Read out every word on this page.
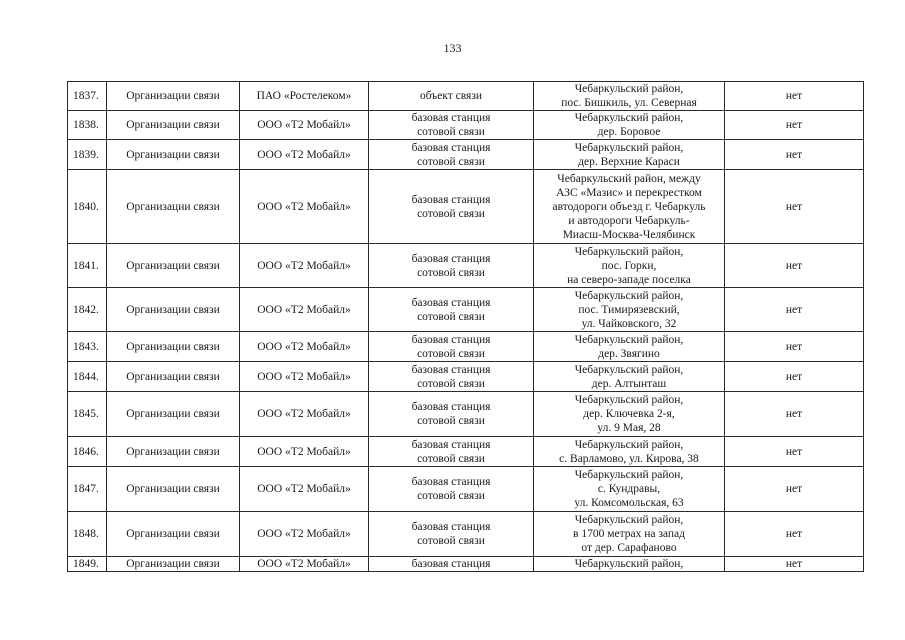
133
1837.	Организации связи	ПАО «Ростелеком»	объект связи	Чебаркульский район,
пос. Бишкиль, ул. Северная	нет
1838.	Организации связи	ООО «Т2 Мобайл»	базовая станция
сотовой связи	Чебаркульский район,
дер. Боровое	нет
1839.	Организации связи	ООО «Т2 Мобайл»	базовая станция
сотовой связи	Чебаркульский район,
дер. Верхние Караси	нет
1840.	Организации связи	ООО «Т2 Мобайл»	базовая станция
сотовой связи	Чебаркульский район, между
АЗС «Мазис» и перекрестком
автодороги объезд г. Чебаркуль
и автодороги Чебаркуль-
Миасш-Москва-Челябинск	нет
1841.	Организации связи	ООО «Т2 Мобайл»	базовая станция
сотовой связи	Чебаркульский район,
пос. Горки,
на северо-западе поселка	нет
1842.	Организации связи	ООО «Т2 Мобайл»	базовая станция
сотовой связи	Чебаркульский район,
пос. Тимирязевский,
ул. Чайковского, 32	нет
1843.	Организации связи	ООО «Т2 Мобайл»	базовая станция
сотовой связи	Чебаркульский район,
дер. Звягино	нет
1844.	Организации связи	ООО «Т2 Мобайл»	базовая станция
сотовой связи	Чебаркульский район,
дер. Алтынташ	нет
1845.	Организации связи	ООО «Т2 Мобайл»	базовая станция
сотовой связи	Чебаркульский район,
дер. Ключевка 2-я,
ул. 9 Мая, 28	нет
1846.	Организации связи	ООО «Т2 Мобайл»	базовая станция
сотовой связи	Чебаркульский район,
с. Варламово, ул. Кирова, 38	нет
1847.	Организации связи	ООО «Т2 Мобайл»	базовая станция
сотовой связи	Чебаркульский район,
с. Кундравы,
ул. Комсомольская, 63	нет
1848.	Организации связи	ООО «Т2 Мобайл»	базовая станция
сотовой связи	Чебаркульский район,
в 1700 метрах на запад
от дер. Сарафаново	нет
1849.	Организации связи	ООО «Т2 Мобайл»	базовая станция	Чебаркульский район,	нет
